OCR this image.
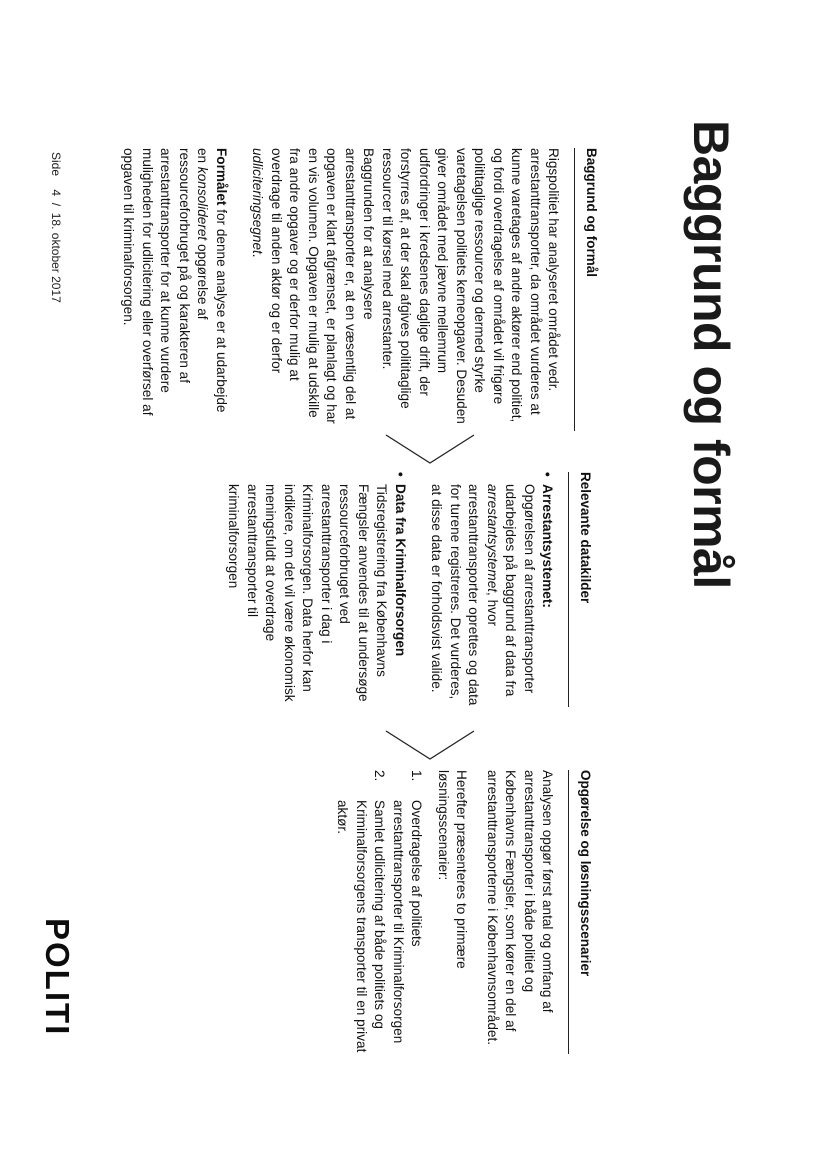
Baggrund og formål
Baggrund og formål

Rigspolitiet har analyseret området vedr. arrestanttransporter, da området vurderes at kunne varetages af andre aktører end politiet, og fordi overdragelse af området vil frigøre polititaglige ressourcer og dermed styrke varetagelsen politiets kerneopgaver. Desuden giver området med jævne mellemrum udfordringer i kredsenes daglige drift, der forstyrres af, at der skal afgives polititaglige ressourcer til kørsel med arrestanter. Baggrunden for at analysere arrestanttransporter er, at en væsentlig del at opgaven er klart afgrænset, er planlagt og har en vis volumen. Opgaven er mulig at udskille fra andre opgaver og er derfor mulig at overdrage til anden aktør og er derfor udliciteringsegnet.

Formålet for denne analyse er at udarbejde en konsolideret opgørelse af ressourceforbruget på og karakteren af arrestanttransporter for at kunne vurdere muligheden for udlicitering eller overførsel af opgaven til kriminalforsorgen.

Relevante datakilder
•
Arrestantsystemet:
Opgørelsen af arrestanttransporter udarbejdes på baggrund af data fra arrestantsystemet, hvor arrestanttransporter oprettes og data for turene registreres. Det vurderes, at disse data er forholdsvist valide.
•
Data fra Kriminalforsorgen
Tidsregistrering fra Københavns Fængsler anvendes til at undersøge ressourceforbruget ved arrestanttransporter i dag i Kriminalforsorgen. Data herfor kan indikere, om det vil være økonomisk meningsfuldt at overdrage arrestanttransporter til kriminalforsorgen
Opgørelse og løsningsscenarier

Analysen opgør først antal og omfang af arrestanttransporter i både politiet og Københavns Fængsler, som kører en del af arrestanttransporterne i Københavnsområdet.

Herefter præsenteres to primære løsningsscenarier:

1.
Overdragelse af politiets arrestanttransporter til Kriminalforsorgen
2.
Samlet udlicitering af både politiets og Kriminalforsorgens transporter til en privat aktør.
Side    4  /  18. oktober 2017
POLITI
